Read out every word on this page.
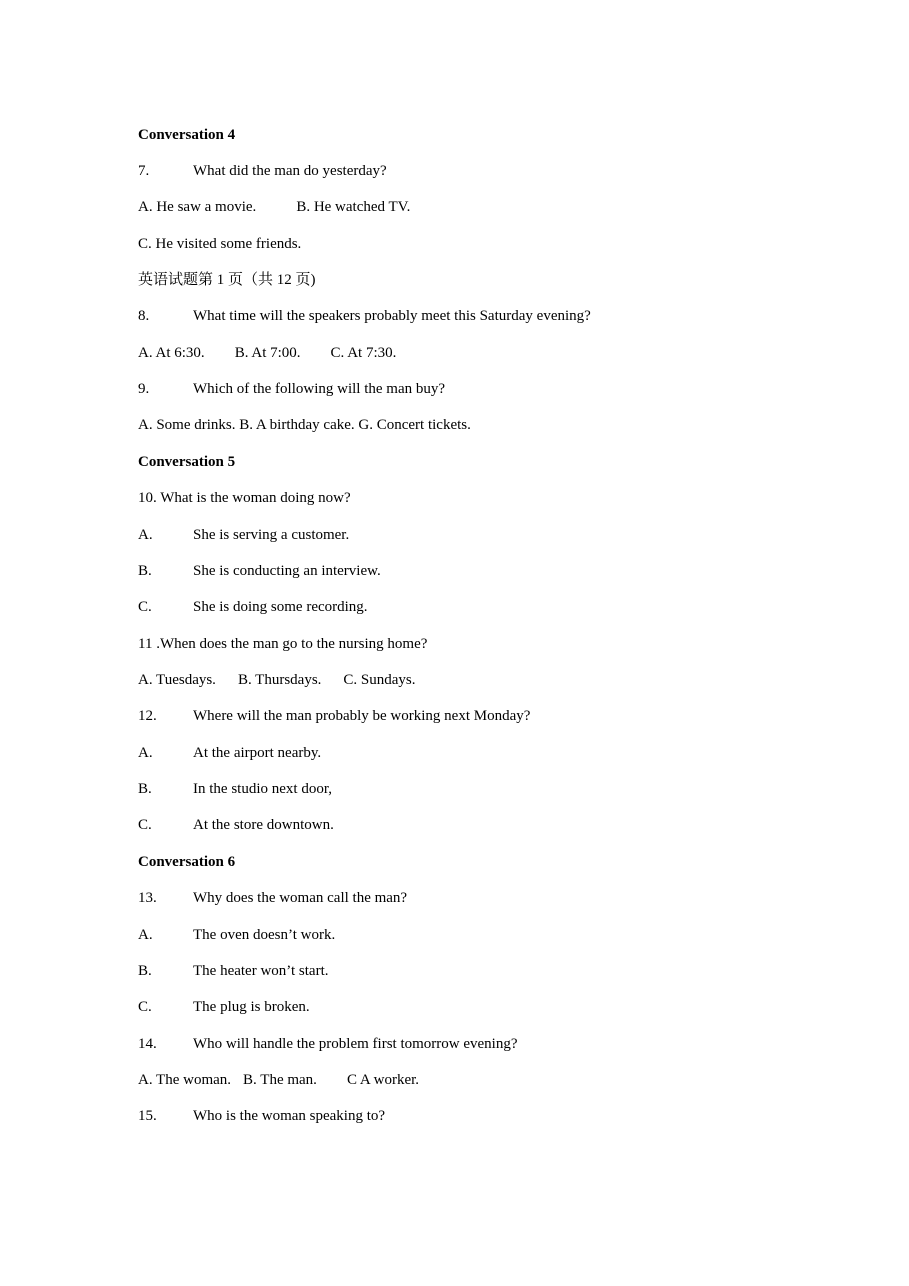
Conversation 4
7.	What did the man do yesterday?
A. He saw a movie.	B. He watched TV.
C. He visited some friends.
英语试题第 1 页（共 12 页)
8.	What time will the speakers probably meet this Saturday evening?
A. At 6:30. B. At 7:00. C. At 7:30.
9.	Which of the following will the man buy?
A. Some drinks. B. A birthday cake. G. Concert tickets.
Conversation 5
10. What is the woman doing now?
A.	She is serving a customer.
B.	She is conducting an interview.
C.	She is doing some recording.
11 .When does the man go to the nursing home?
A. Tuesdays. B. Thursdays. C. Sundays.
12. Where will the man probably be working next Monday?
A.	At the airport nearby.
B.	In the studio next door,
C.	At the store downtown.
Conversation 6
13. Why does the woman call the man?
A.	The oven doesn’t work.
B.	The heater won’t start.
C.	The plug is broken.
14. Who will handle the problem first tomorrow evening?
A. The woman. B. The man. C A worker.
15. Who is the woman speaking to?
